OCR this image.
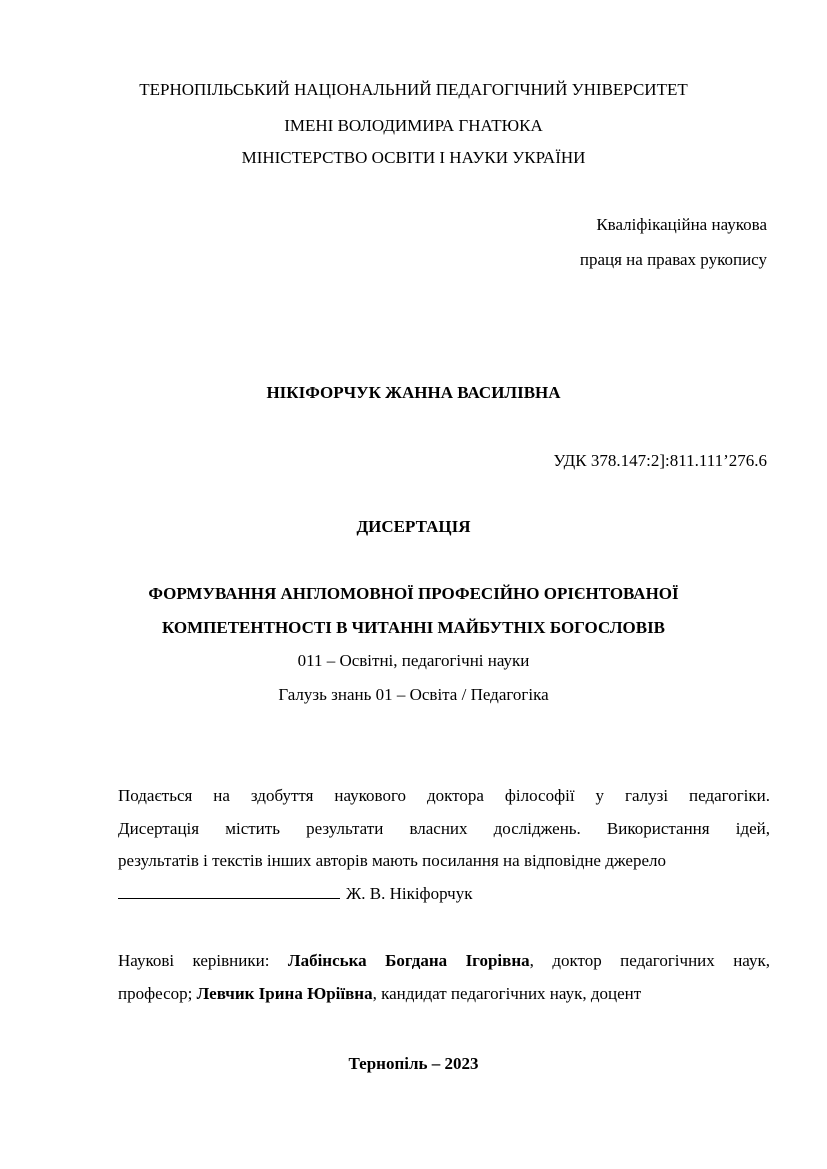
ТЕРНОПІЛЬСЬКИЙ НАЦІОНАЛЬНИЙ ПЕДАГОГІЧНИЙ УНІВЕРСИТЕТ
ІМЕНІ ВОЛОДИМИРА ГНАТЮКА
МІНІСТЕРСТВО ОСВІТИ І НАУКИ УКРАЇНИ
Кваліфікаційна наукова
праця на правах рукопису
НІКІФОРЧУК ЖАННА ВАСИЛІВНА
УДК 378.147:2]:811.111’276.6
ДИСЕРТАЦІЯ
ФОРМУВАННЯ АНГЛОМОВНОЇ ПРОФЕСІЙНО ОРІЄНТОВАНОЇ
КОМПЕТЕНТНОСТІ В ЧИТАННІ МАЙБУТНІХ БОГОСЛОВІВ
011 – Освітні, педагогічні науки
Галузь знань 01 – Освіта / Педагогіка
Подається на здобуття наукового доктора філософії у галузі педагогіки.
Дисертація містить результати власних досліджень. Використання ідей,
результатів і текстів інших авторів мають посилання на відповідне джерело
Ж. В. Нікіфорчук
Наукові керівники: Лабінська Богдана Ігорівна, доктор педагогічних наук,
професор; Левчик Ірина Юріївна, кандидат педагогічних наук, доцент
Тернопіль – 2023
